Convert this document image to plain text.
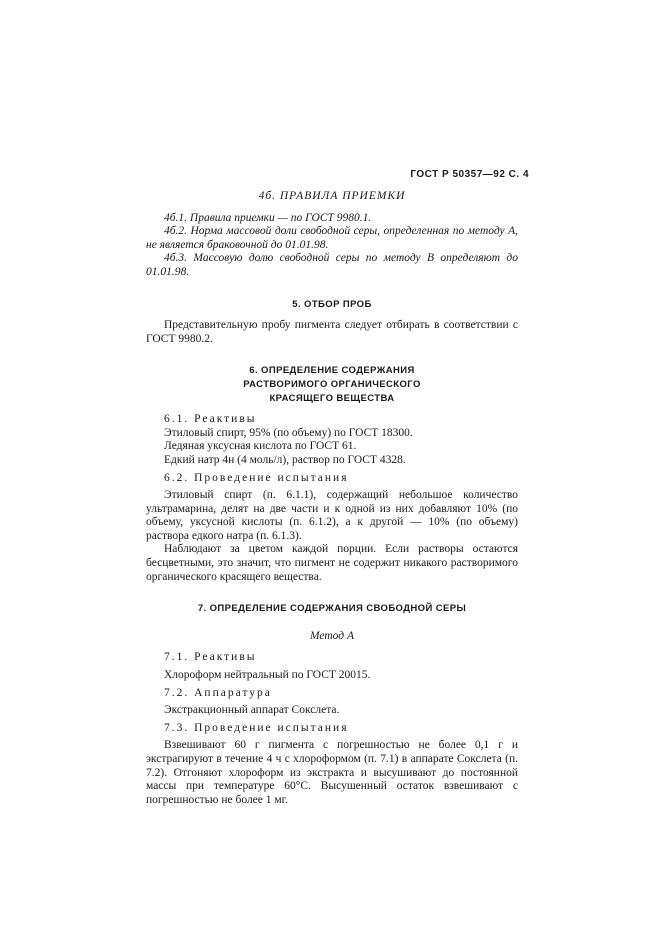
ГОСТ Р 50357—92 С. 4
4б. ПРАВИЛА ПРИЕМКИ

4б.1. Правила приемки — по ГОСТ 9980.1.

4б.2. Норма массовой доли свободной серы, определенная по методу А, не является браковочной до 01.01.98.

4б.3. Массовую долю свободной серы по методу В определяют до 01.01.98.

5. ОТБОР ПРОБ

Представительную пробу пигмента следует отбирать в соответствии с ГОСТ 9980.2.

6. ОПРЕДЕЛЕНИЕ СОДЕРЖАНИЯ
РАСТВОРИМОГО ОРГАНИЧЕСКОГО
КРАСЯЩЕГО ВЕЩЕСТВА

6.1. Реактивы

Этиловый спирт, 95% (по объему) по ГОСТ 18300.

Ледяная уксусная кислота по ГОСТ 61.

Едкий натр 4н (4 моль/л), раствор по ГОСТ 4328.

6.2. Проведение испытания

Этиловый спирт (п. 6.1.1), содержащий небольшое количество ультрамарина, делят на две части и к одной из них добавляют 10% (по объему, уксусной кислоты (п. 6.1.2), а к другой — 10% (по объему) раствора едкого натра (п. 6.1.3).

Наблюдают за цветом каждой порции. Если растворы остаются бесцветными, это значит, что пигмент не содержит никакого растворимого органического красящего вещества.

7. ОПРЕДЕЛЕНИЕ СОДЕРЖАНИЯ СВОБОДНОЙ СЕРЫ
Метод А

7.1. Реактивы

Хлороформ нейтральный по ГОСТ 20015.

7.2. Аппаратура

Экстракционный аппарат Сокслета.

7.3. Проведение испытания

Взвешивают 60 г пигмента с погрешностью не более 0,1 г и экстрагируют в течение 4 ч с хлороформом (п. 7.1) в аппарате Сокслета (п. 7.2). Отгоняют хлороформ из экстракта и высушивают до постоянной массы при температуре 60°С. Высушенный остаток взвешивают с погрешностью не более 1 мг.
